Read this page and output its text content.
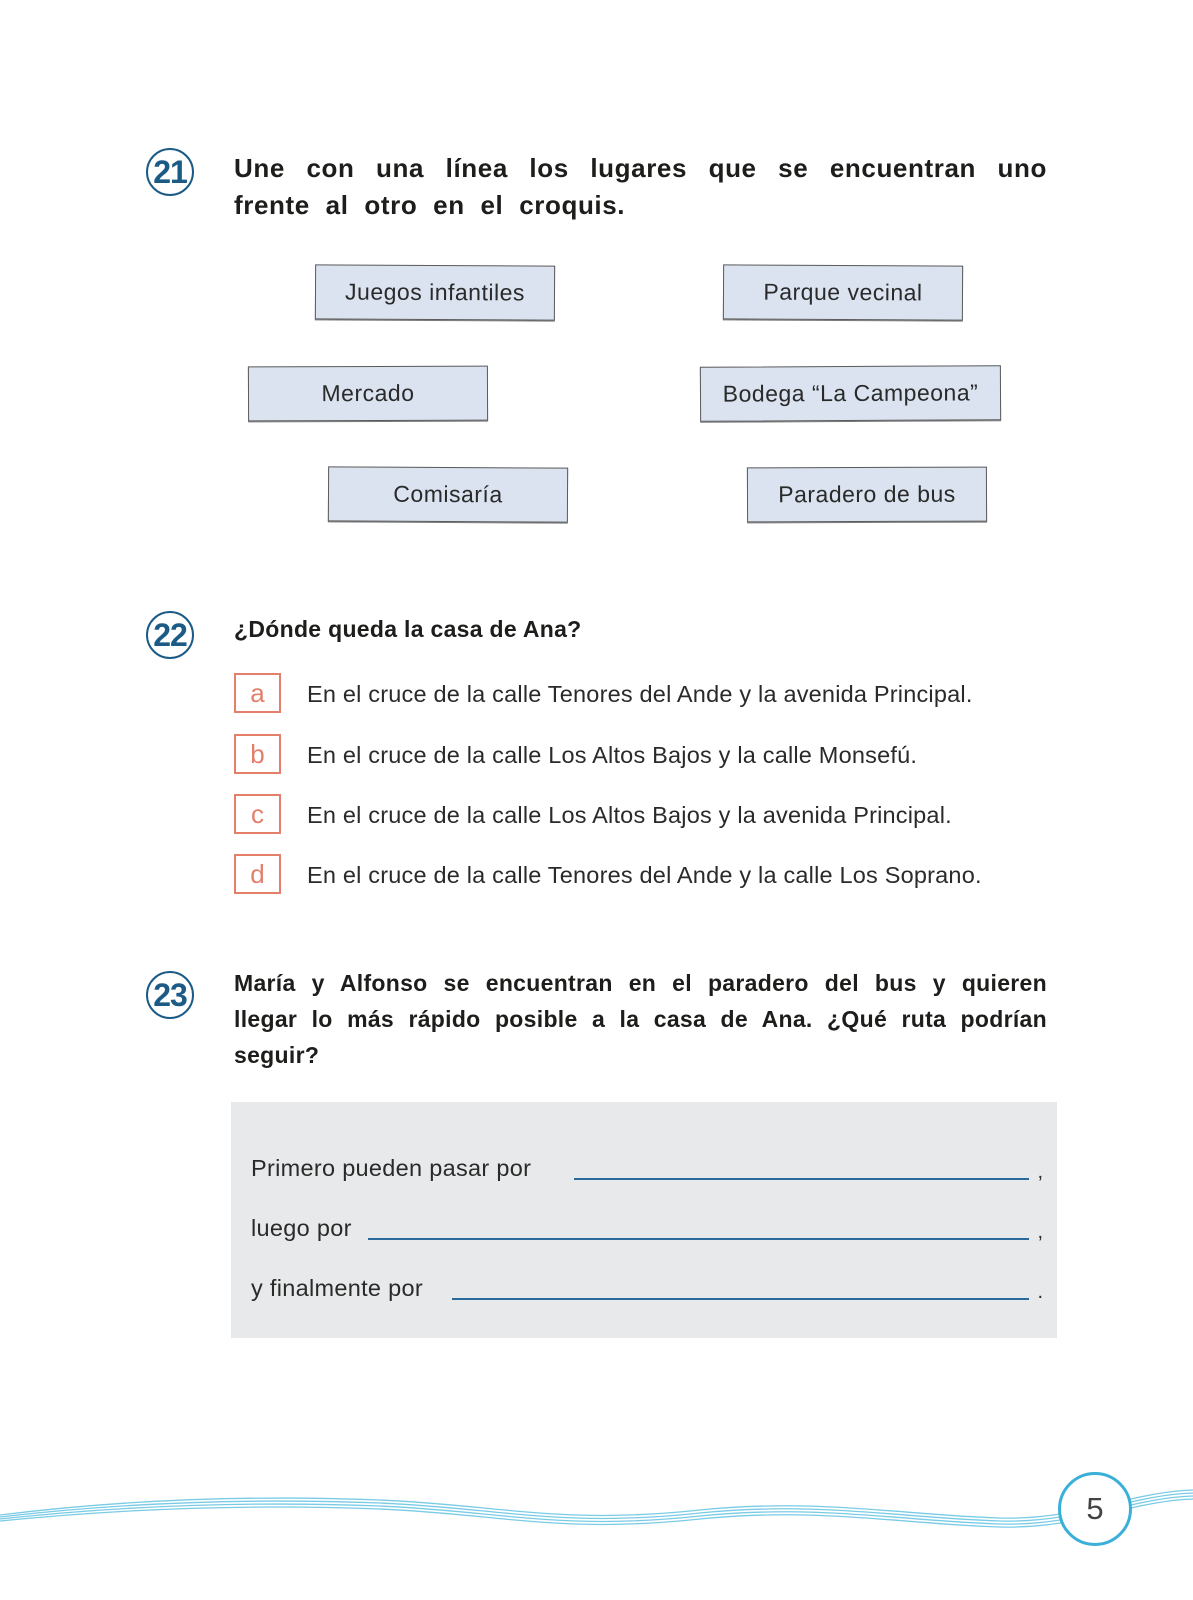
21 Une con una línea los lugares que se encuentran uno frente al otro en el croquis.

Juegos infantiles	Parque vecinal
Mercado	Bodega “La Campeona”
Comisaría	Paradero de bus
22	¿Dónde queda la casa de Ana?

a	En el cruce de la calle Tenores del Ande y la avenida Principal.
b	En el cruce de la calle Los Altos Bajos y la calle Monsefú.
c	En el cruce de la calle Los Altos Bajos y la avenida Principal.
d	En el cruce de la calle Tenores del Ande y la calle Los Soprano.
23	María y Alfonso se encuentran en el paradero del bus y quieren llegar lo más rápido posible a la casa de Ana. ¿Qué ruta podrían seguir?

Primero pueden pasar por	,
luego por	,
y finalmente por	.
5
